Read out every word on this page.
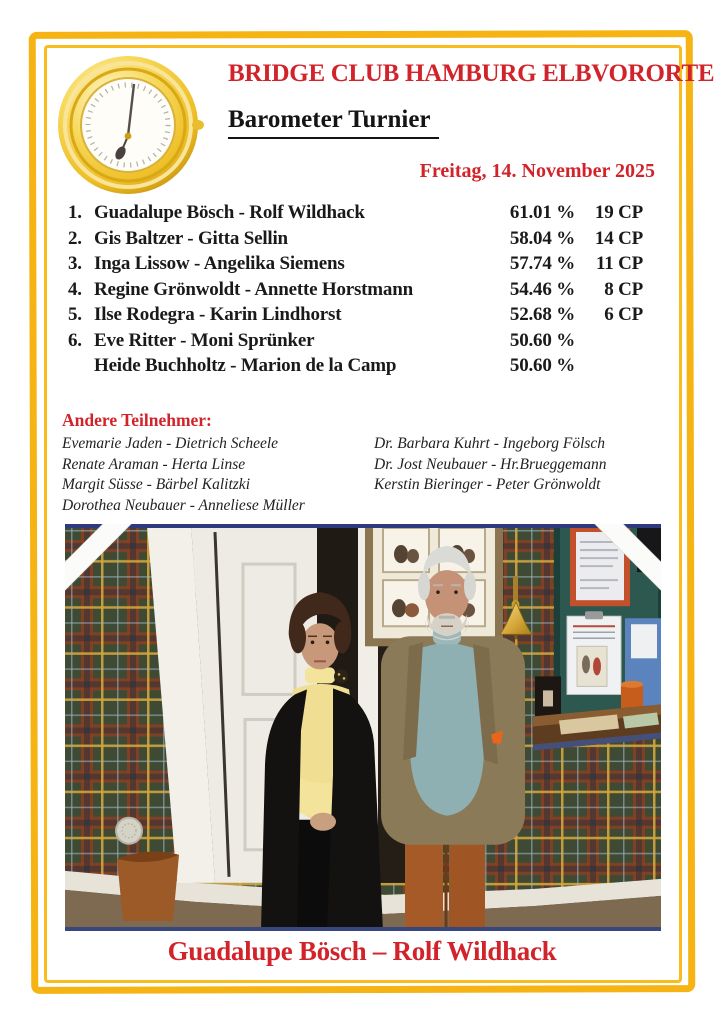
BRIDGE CLUB HAMBURG ELBVORORTE
Barometer Turnier
Freitag, 14. November 2025
1. Guadalupe Bösch - Rolf Wildhack	61.01 %	19 CP
2. Gis Baltzer - Gitta Sellin	58.04 %	14 CP
3. Inga Lissow - Angelika Siemens	57.74 %	11 CP
4. Regine Grönwoldt - Annette Horstmann	54.46 %	8 CP
5. Ilse Rodegra - Karin Lindhorst	52.68 %	6 CP
6. Eve Ritter - Moni Sprünker	50.60 %
Heide Buchholtz - Marion de la Camp	50.60 %
Andere Teilnehmer:
Evemarie Jaden - Dietrich Scheele
Renate Araman - Herta Linse
Margit Süsse - Bärbel Kalitzki
Dorothea Neubauer - Anneliese Müller
Dr. Barbara Kuhrt - Ingeborg Fölsch
Dr. Jost Neubauer - Hr.Brueggemann
Kerstin Bieringer - Peter Grönwoldt
Guadalupe Bösch – Rolf Wildhack
